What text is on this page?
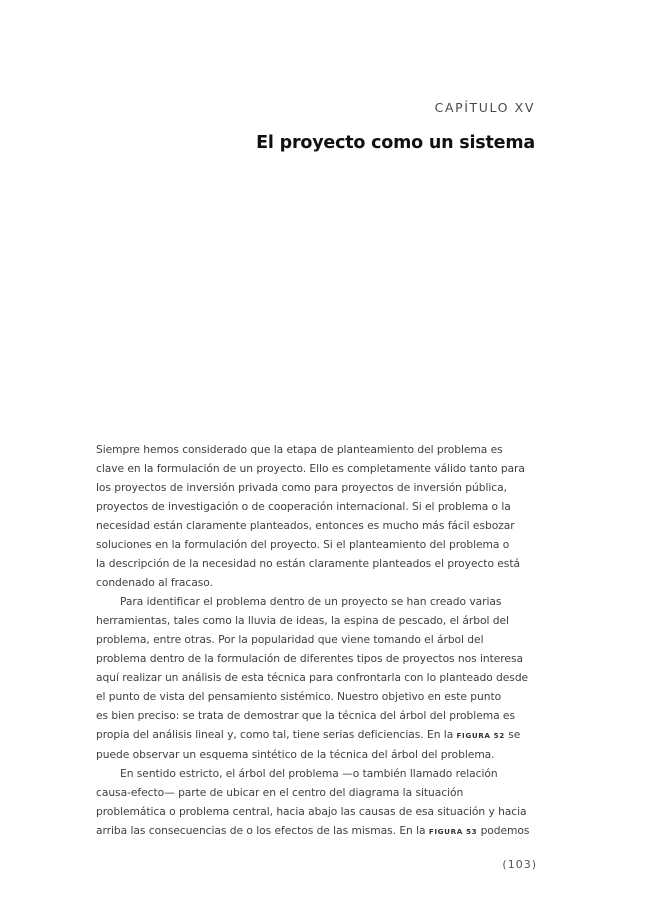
CAPÍTULO XV
El proyecto como un sistema
Siempre hemos considerado que la etapa de planteamiento del problema es
clave en la formulación de un proyecto. Ello es completamente válido tanto para
los proyectos de inversión privada como para proyectos de inversión pública,
proyectos de investigación o de cooperación internacional. Si el problema o la
necesidad están claramente planteados, entonces es mucho más fácil esbozar
soluciones en la formulación del proyecto. Si el planteamiento del problema o
la descripción de la necesidad no están claramente planteados el proyecto está
condenado al fracaso.
Para identificar el problema dentro de un proyecto se han creado varias
herramientas, tales como la lluvia de ideas, la espina de pescado, el árbol del
problema, entre otras. Por la popularidad que viene tomando el árbol del
problema dentro de la formulación de diferentes tipos de proyectos nos interesa
aquí realizar un análisis de esta técnica para confrontarla con lo planteado desde
el punto de vista del pensamiento sistémico. Nuestro objetivo en este punto
es bien preciso: se trata de demostrar que la técnica del árbol del problema es
propia del análisis lineal y, como tal, tiene serias deficiencias. En la FIGURA 52 se
puede observar un esquema sintético de la técnica del árbol del problema.
En sentido estricto, el árbol del problema —o también llamado relación
causa-efecto— parte de ubicar en el centro del diagrama la situación
problemática o problema central, hacia abajo las causas de esa situación y hacia
arriba las consecuencias de o los efectos de las mismas. En la FIGURA 53 podemos
(103)
